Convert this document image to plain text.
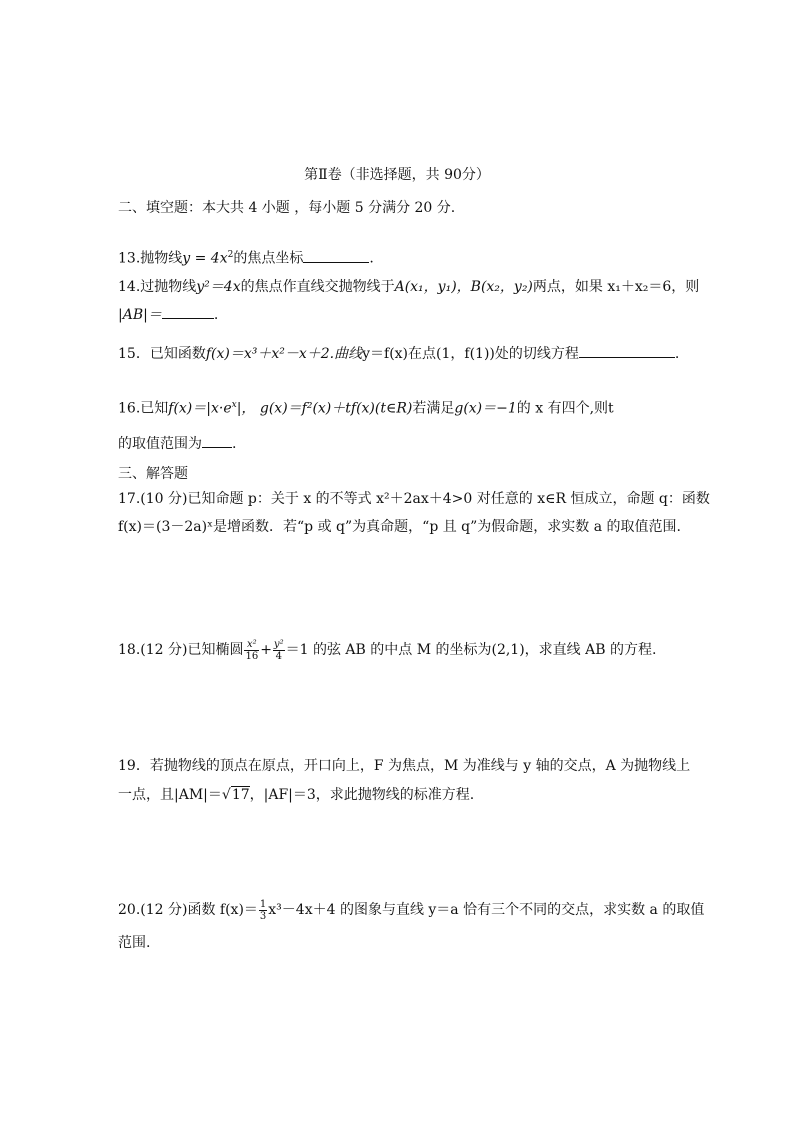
第Ⅱ卷（非选择题，共 90分）
二、填空题：本大共 4 小题 ，每小题 5 分满分 20 分.
13.抛物线$y = 4x^2$的焦点坐标	.
14.过抛物线y²＝4x的焦点作直线交抛物线于A(x₁，y₁)，B(x₂，y₂)两点，如果 x₁＋x₂＝6，则
|AB|＝	.
15．已知函数f(x)＝x³＋x²－x＋2.曲线y＝f(x)在点(1，f(1))处的切线方程	.
16.已知$f(x)=|x\cdot e^x|$， g(x)＝f²(x)＋tf(x)(t∈R)若满足g(x)＝−1的 x 有四个,则t
的取值范围为 .
三、解答题
17.(10 分)已知命题 p：关于 x 的不等式 x²＋2ax＋4>0 对任意的 x∈R 恒成立，命题 q：函数
f(x)＝(3－2a)ˣ是增函数．若“p 或 q”为真命题，“p 且 q”为假命题，求实数 a 的取值范围.
18.(12 分)已知椭圆 $\frac{\text{x²}}{16} + \frac{\text{y²}}{4} =1$ 的弦 AB 的中点 M 的坐标为(2,1)，求直线 AB 的方程.
19．若抛物线的顶点在原点，开口向上，F 为焦点，M 为准线与 y 轴的交点，A 为抛物线上
一点，且|AM|＝√17，|AF|＝3，求此抛物线的标准方程.
20.(12 分)函数 $f(x)= \frac{1}{3} x^3-4x+4$ 的图象与直线 y＝a 恰有三个不同的交点，求实数 a 的取值
范围.
